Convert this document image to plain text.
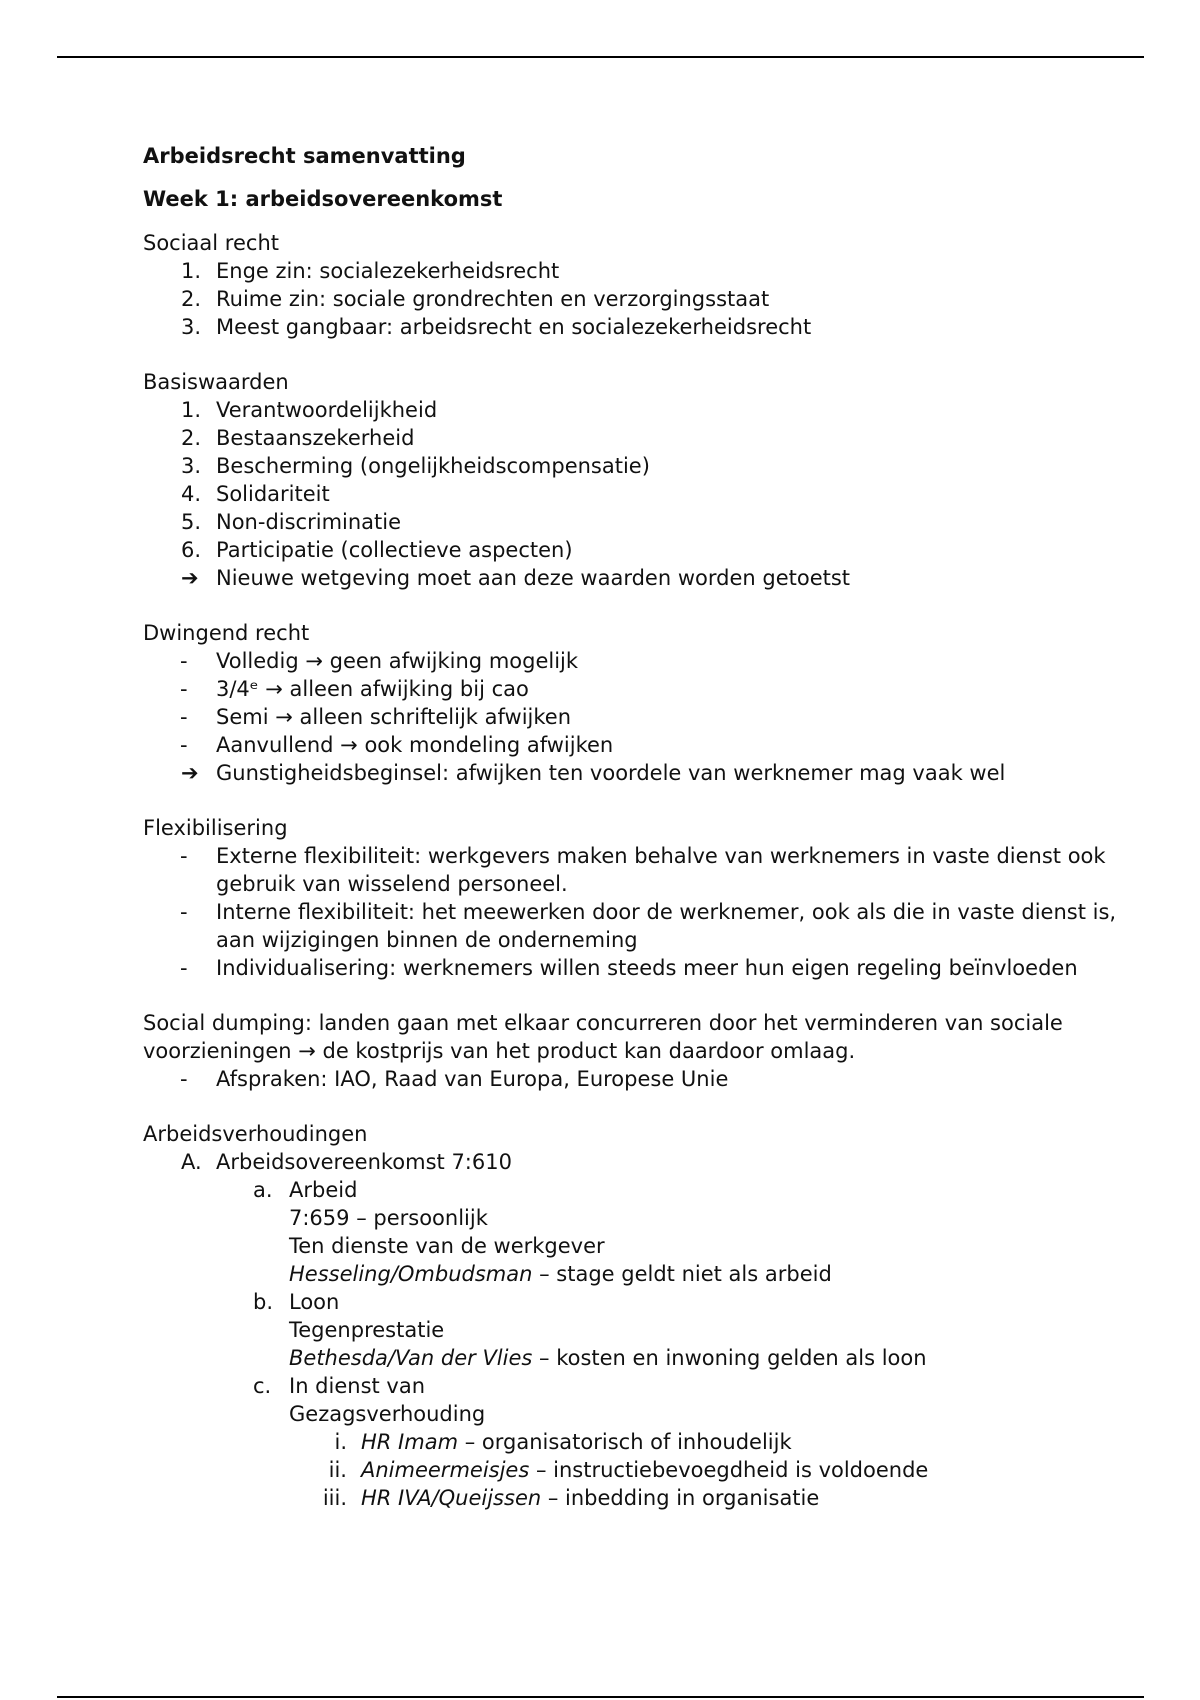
Arbeidsrecht samenvatting

Week 1: arbeidsovereenkomst

Sociaal recht

1. Enge zin: socialezekerheidsrecht
2. Ruime zin: sociale grondrechten en verzorgingsstaat
3. Meest gangbaar: arbeidsrecht en socialezekerheidsrecht

Basiswaarden

1. Verantwoordelijkheid
2. Bestaanszekerheid
3. Bescherming (ongelijkheidscompensatie)
4. Solidariteit
5. Non-discriminatie
6. Participatie (collectieve aspecten)
➔ Nieuwe wetgeving moet aan deze waarden worden getoetst

Dwingend recht

-	Volledig → geen afwijking mogelijk
-	3/4ᵉ → alleen afwijking bij cao
-	Semi → alleen schriftelijk afwijken
-	Aanvullend → ook mondeling afwijken
➔ Gunstigheidsbeginsel: afwijken ten voordele van werknemer mag vaak wel

Flexibilisering

-	Externe flexibiliteit: werkgevers maken behalve van werknemers in vaste dienst ook gebruik van wisselend personeel.
-	Interne flexibiliteit: het meewerken door de werknemer, ook als die in vaste dienst is, aan wijzigingen binnen de onderneming
-	Individualisering: werknemers willen steeds meer hun eigen regeling beïnvloeden

Social dumping: landen gaan met elkaar concurreren door het verminderen van sociale voorzieningen → de kostprijs van het product kan daardoor omlaag.

-	Afspraken: IAO, Raad van Europa, Europese Unie

Arbeidsverhoudingen

A. Arbeidsovereenkomst 7:610
a. Arbeid
7:659 – persoonlijk
Ten dienste van de werkgever
Hesseling/Ombudsman – stage geldt niet als arbeid
b. Loon
Tegenprestatie
Bethesda/Van der Vlies – kosten en inwoning gelden als loon
c. In dienst van
Gezagsverhouding
i. HR Imam – organisatorisch of inhoudelijk
ii. Animeermeisjes – instructiebevoegdheid is voldoende
iii. HR IVA/Queijssen – inbedding in organisatie
